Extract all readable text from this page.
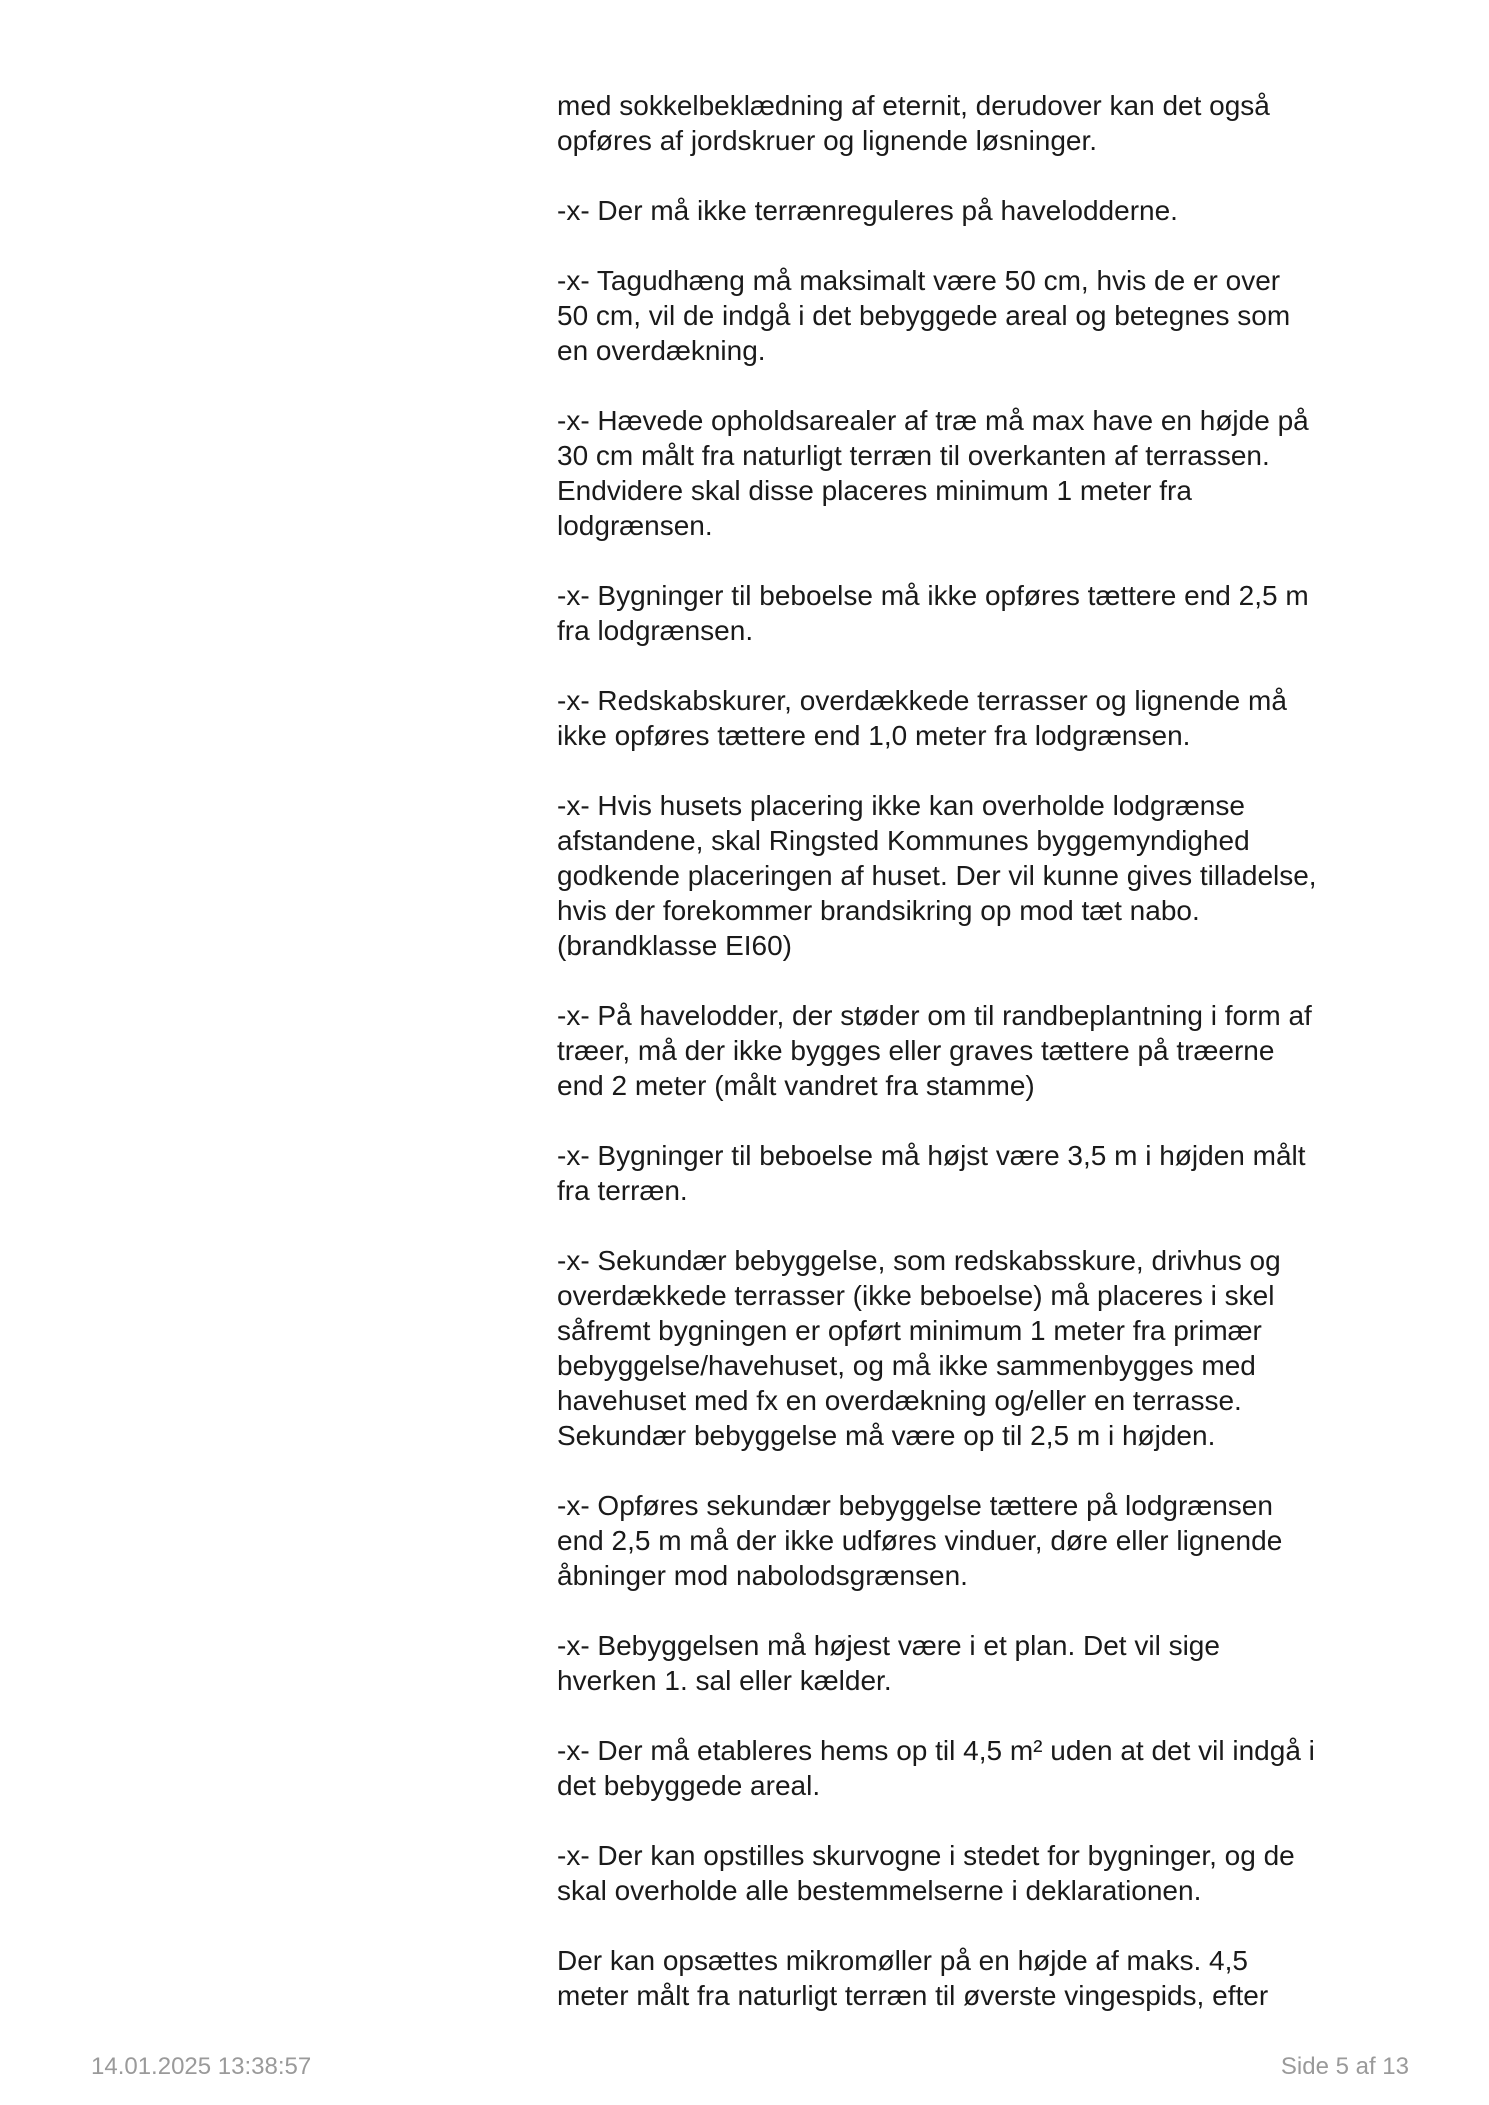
med sokkelbeklædning af eternit, derudover kan det også
opføres af jordskruer og lignende løsninger.

-x- Der må ikke terrænreguleres på havelodderne.

-x- Tagudhæng må maksimalt være 50 cm, hvis de er over
50 cm, vil de indgå i det bebyggede areal og betegnes som
en overdækning.

-x- Hævede opholdsarealer af træ må max have en højde på
30 cm målt fra naturligt terræn til overkanten af terrassen.
Endvidere skal disse placeres minimum 1 meter fra
lodgrænsen.

-x- Bygninger til beboelse må ikke opføres tættere end 2,5 m
fra lodgrænsen.

-x- Redskabskurer, overdækkede terrasser og lignende må
ikke opføres tættere end 1,0 meter fra lodgrænsen.

-x- Hvis husets placering ikke kan overholde lodgrænse
afstandene, skal Ringsted Kommunes byggemyndighed
godkende placeringen af huset. Der vil kunne gives tilladelse,
hvis der forekommer brandsikring op mod tæt nabo.
(brandklasse EI60)

-x- På havelodder, der støder om til randbeplantning i form af
træer, må der ikke bygges eller graves tættere på træerne
end 2 meter (målt vandret fra stamme)

-x- Bygninger til beboelse må højst være 3,5 m i højden målt
fra terræn.

-x- Sekundær bebyggelse, som redskabsskure, drivhus og
overdækkede terrasser (ikke beboelse) må placeres i skel
såfremt bygningen er opført minimum 1 meter fra primær
bebyggelse/havehuset, og må ikke sammenbygges med
havehuset med fx en overdækning og/eller en terrasse.
Sekundær bebyggelse må være op til 2,5 m i højden.

-x- Opføres sekundær bebyggelse tættere på lodgrænsen
end 2,5 m må der ikke udføres vinduer, døre eller lignende
åbninger mod nabolodsgrænsen.

-x- Bebyggelsen må højest være i et plan. Det vil sige
hverken 1. sal eller kælder.

-x- Der må etableres hems op til 4,5 m² uden at det vil indgå i
det bebyggede areal.

-x- Der kan opstilles skurvogne i stedet for bygninger, og de
skal overholde alle bestemmelserne i deklarationen.

Der kan opsættes mikromøller på en højde af maks. 4,5
meter målt fra naturligt terræn til øverste vingespids, efter

14.01.2025 13:38:57	Side 5 af 13
